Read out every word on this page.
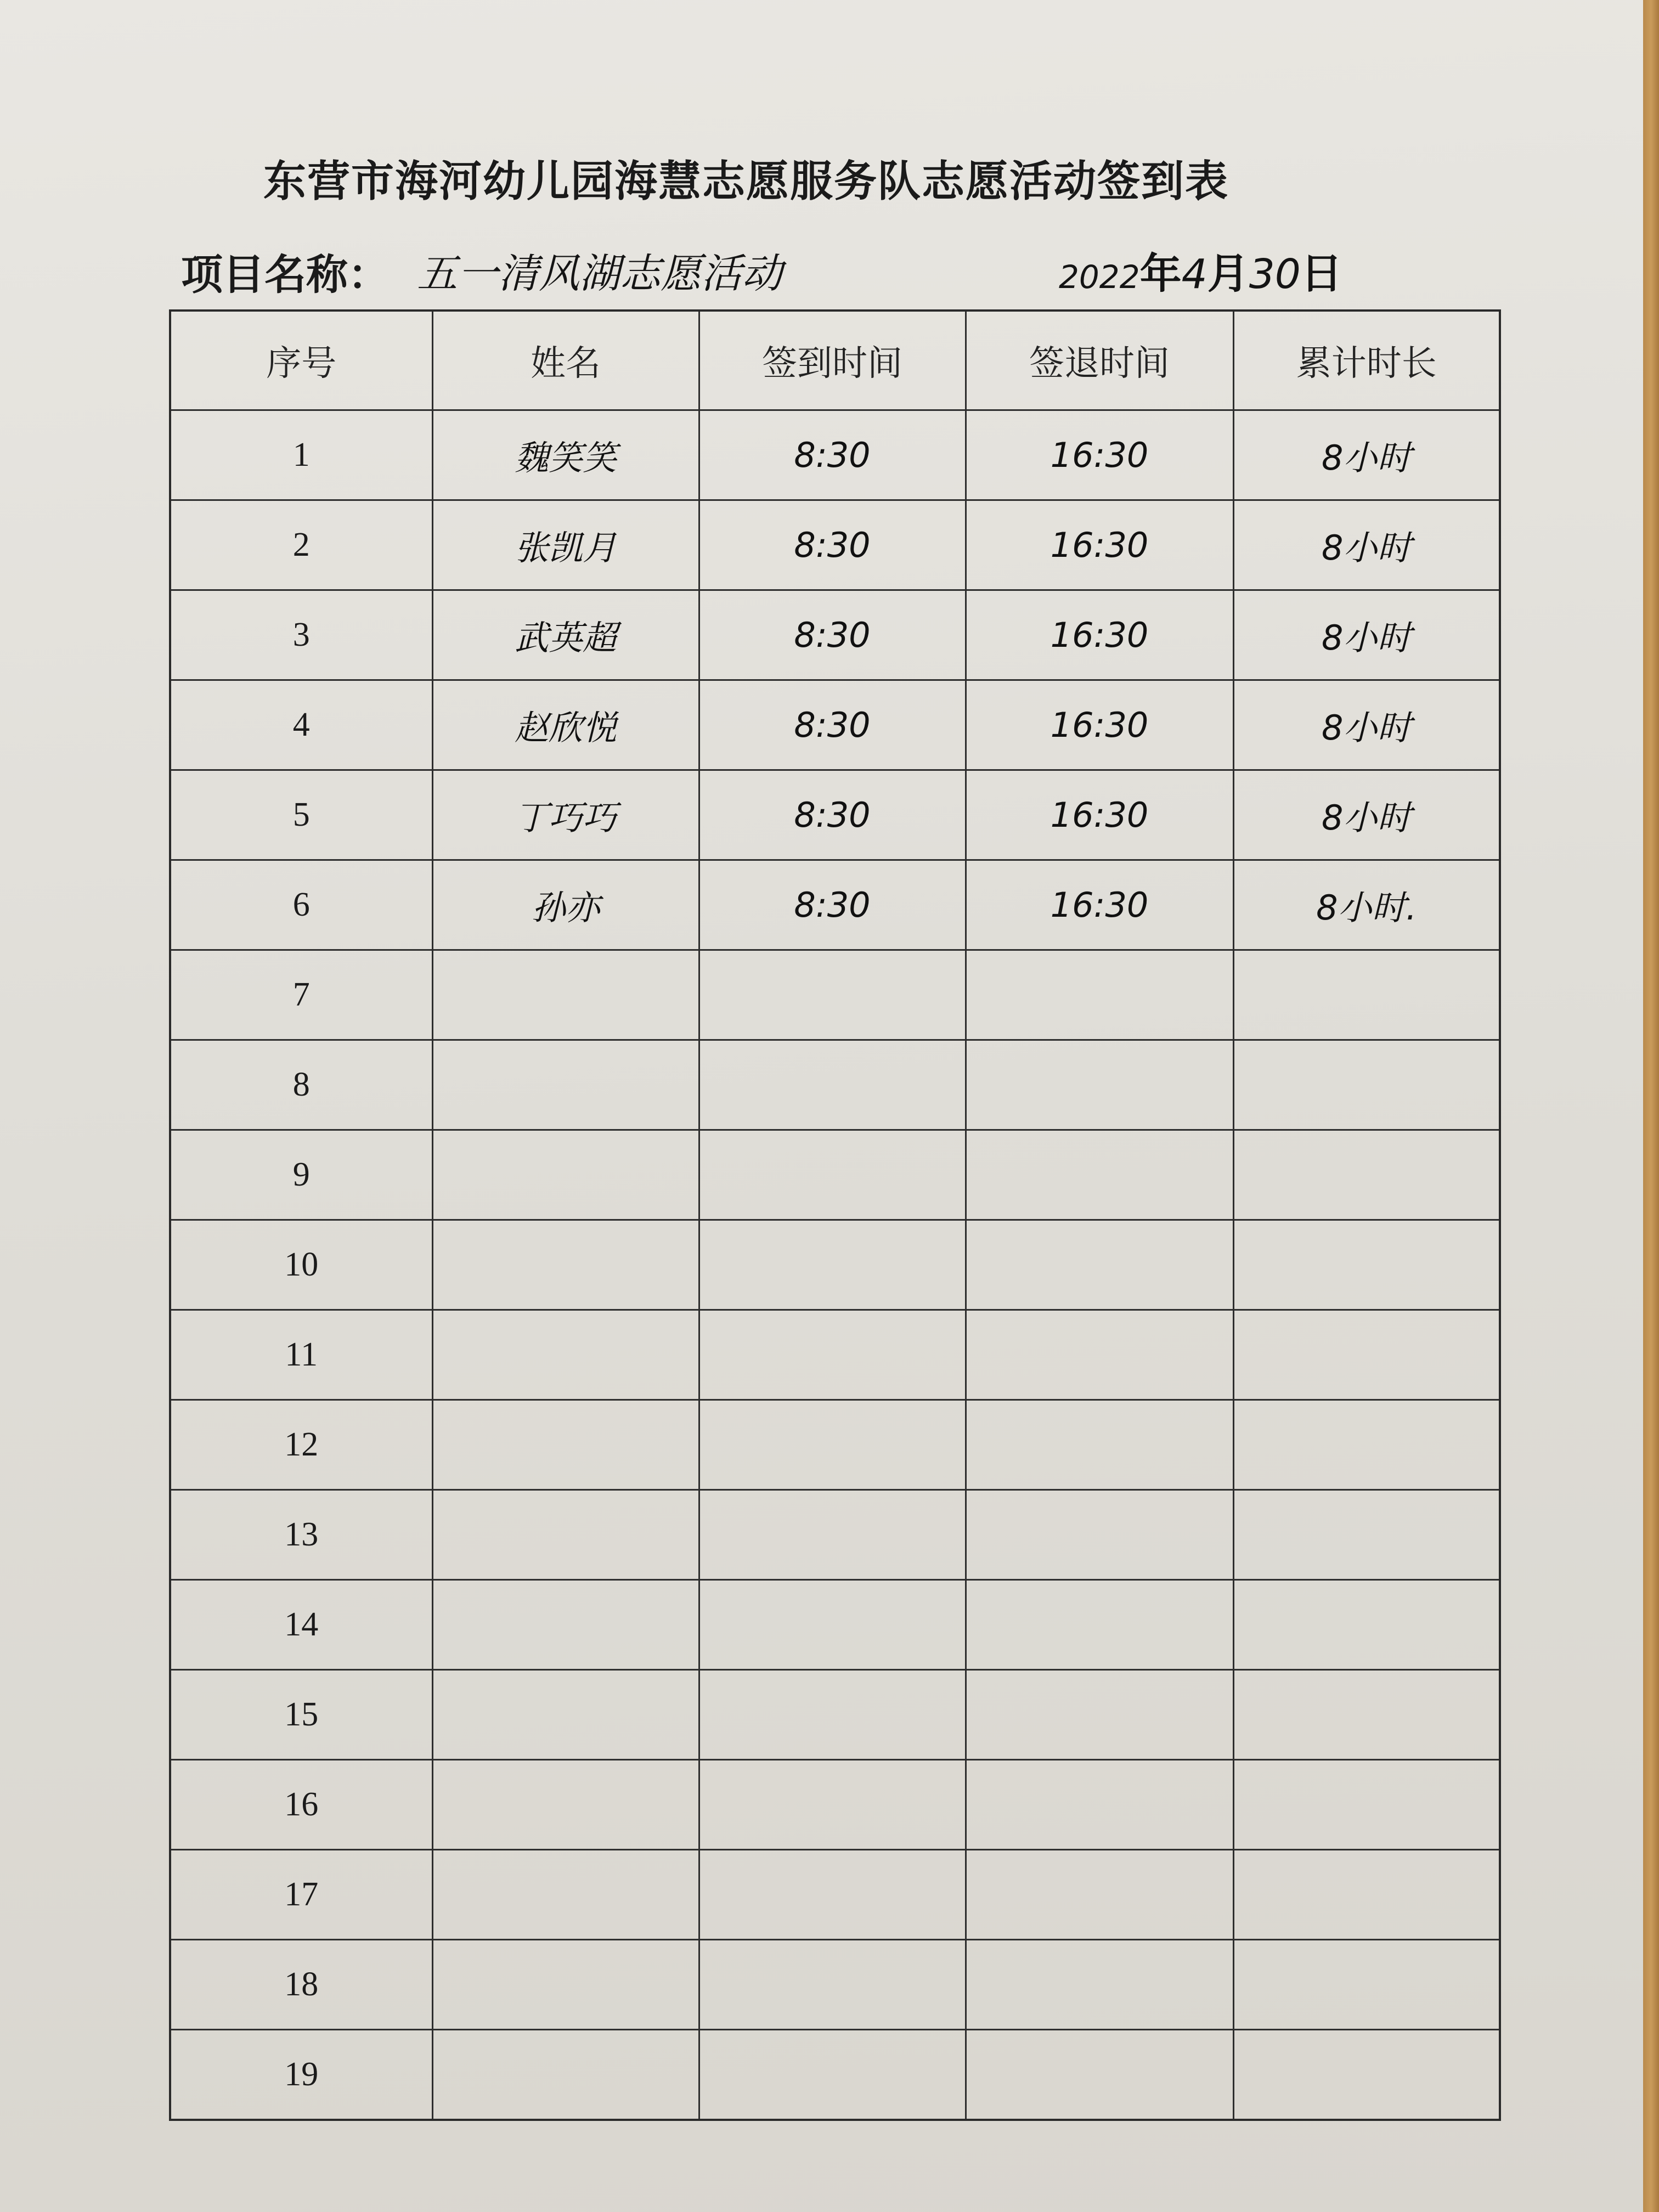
东营市海河幼儿园海慧志愿服务队志愿活动签到表
项目名称： 五一清风湖志愿活动	2022年4月30日
序号	姓名	签到时间	签退时间	累计时长
1	魏笑笑	8:30	16:30	8小时
2	张凯月	8:30	16:30	8小时
3	武英超	8:30	16:30	8小时
4	赵欣悦	8:30	16:30	8小时
5	丁巧巧	8:30	16:30	8小时
6	孙亦	8:30	16:30	8小时.
7				
8				
9				
10				
11				
12				
13				
14				
15				
16				
17				
18				
19				
